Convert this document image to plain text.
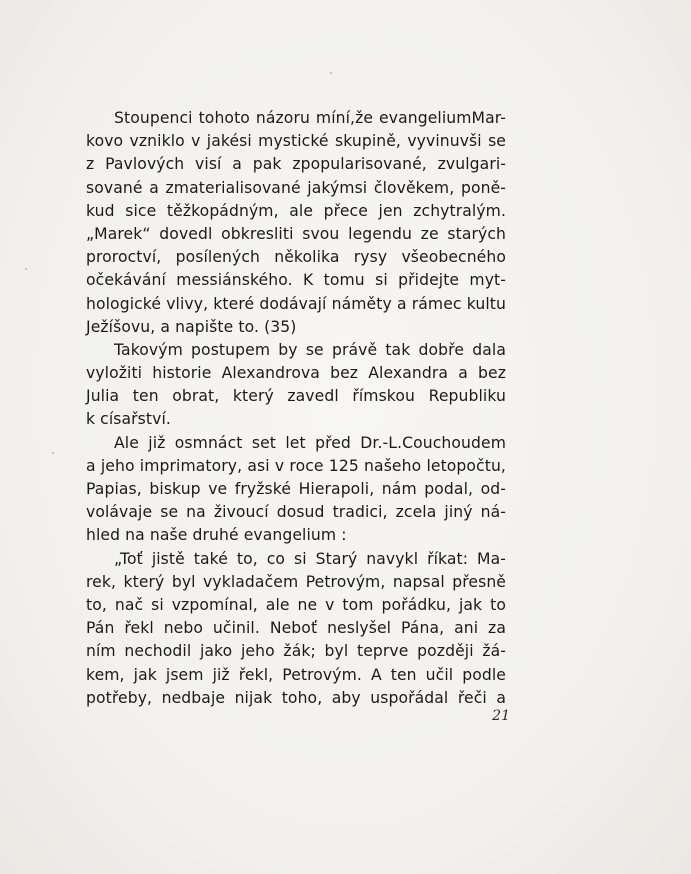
Stoupenci tohoto názoru míní,že evangeliumMar-
kovo vzniklo v jakési mystické skupině, vyvinuvši se
z Pavlových visí a pak zpopularisované, zvulgari-
sované a zmaterialisované jakýmsi člověkem, poně-
kud sice těžkopádným, ale přece jen zchytralým.
„Marek“ dovedl obkresliti svou legendu ze starých
proroctví, posílených několika rysy všeobecného
očekávání messiánského. K tomu si přidejte myt-
hologické vlivy, které dodávají náměty a rámec kultu
Ježíšovu, a napište to. (35)
Takovým postupem by se právě tak dobře dala
vyložiti historie Alexandrova bez Alexandra a bez
Julia ten obrat, který zavedl římskou Republiku
k císařství.
Ale již osmnáct set let před Dr.-L.Couchoudem
a jeho imprimatory, asi v roce 125 našeho letopočtu,
Papias, biskup ve fryžské Hierapoli, nám podal, od-
volávaje se na živoucí dosud tradici, zcela jiný ná-
hled na naše druhé evangelium :
„Toť jistě také to, co si Starý navykl říkat: Ma-
rek, který byl vykladačem Petrovým, napsal přesně
to, nač si vzpomínal, ale ne v tom pořádku, jak to
Pán řekl nebo učinil. Neboť neslyšel Pána, ani za
ním nechodil jako jeho žák; byl teprve později žá-
kem, jak jsem již řekl, Petrovým. A ten učil podle
potřeby, nedbaje nijak toho, aby uspořádal řeči a
21
